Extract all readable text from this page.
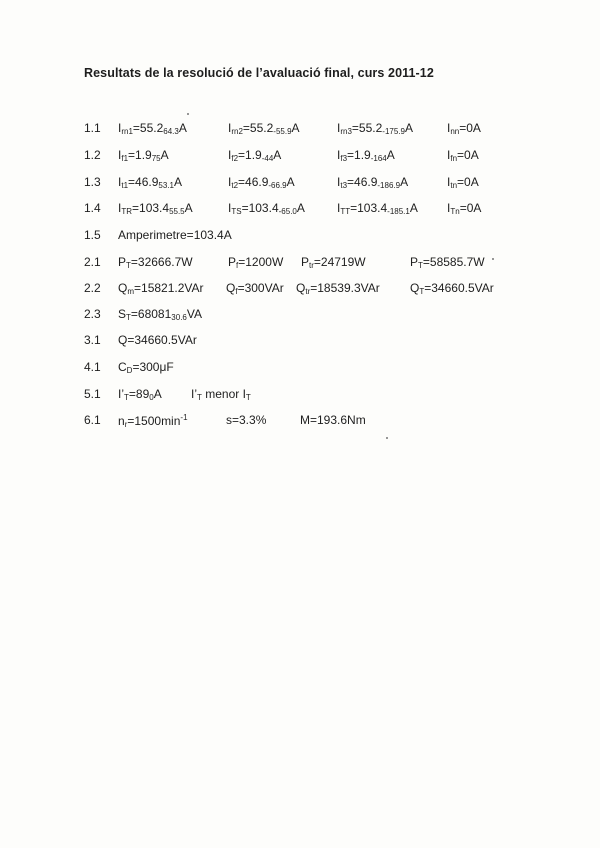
Resultats de la resolució de l’avaluació final, curs 2011-12
1.1 $I_{rn1}=55.2_{64.3}A$	$I_{rn2}=55.2_{-55.9}A$	$I_{rn3}=55.2_{-175.9}A$	$I_{nn}=0A$
1.2 $I_{f1}=1.9_{75}A$	$I_{f2}=1.9_{-44}A$	$I_{f3}=1.9_{-164}A$	$I_{fn}=0A$
1.3 $I_{t1}=46.9_{53.1}A$	$I_{t2}=46.9_{-66.9}A$	$I_{t3}=46.9_{-186.9}A$	$I_{tn}=0A$
1.4 $I_{TR}=103.4_{55.5}A$	$I_{TS}=103.4_{-65.0}A$	$I_{TT}=103.4_{-185.1}A$ $I_{Tn}=0A$
1.5 Amperimetre=103.4A
2.1 $P_T=32666.7W$	$P_f=1200W$ $P_{tr}=24719W$	$P_T=58585.7W$
2.2 $Q_m=15821.2VAr$ $Q_f=300VAr$ $Q_{tr}=18539.3VAr$	$Q_T=34660.5VAr$
2.3 $S_T=68081_{30.6}VA$
3.1 Q=34660.5VAr
4.1 $C_D=300\mu F$
5.1 $I’_T=89_0A$ $I’_T$ menor $I_T$
6.1 $n_r=1500\min^{-1}$	s=3.3%	M=193.6Nm
